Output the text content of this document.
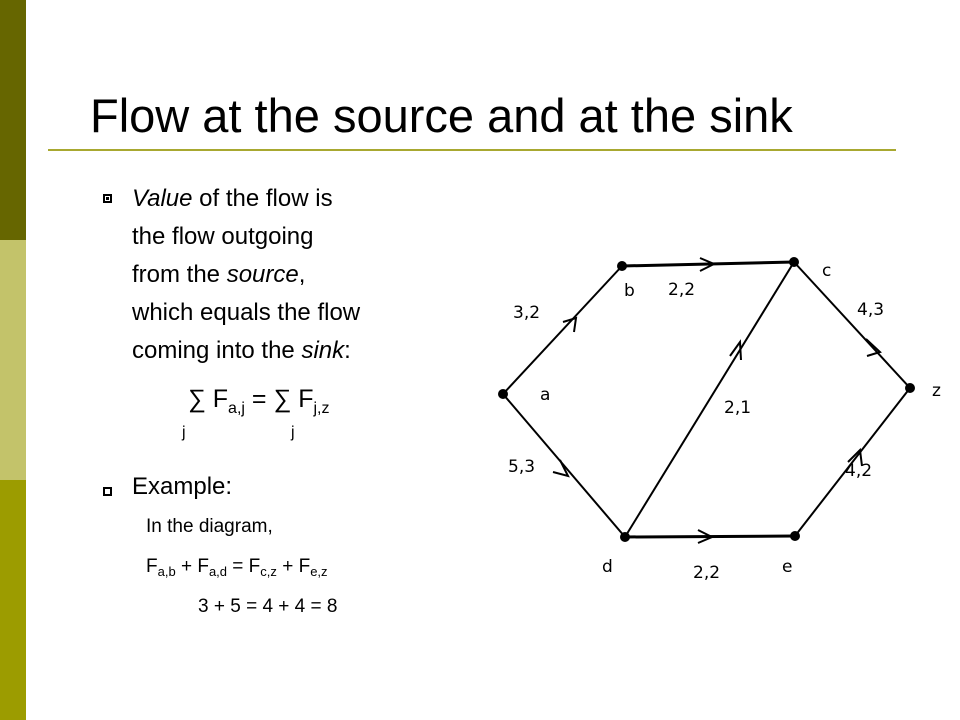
Flow at the source and at the sink
Value of the flow is
the flow outgoing
from the source,
which equals the flow
coming into the sink:
∑ $F_{a,j}$ = ∑ $F_{j,z}$
j	j
Example:
In the diagram,
$F_{a,b} + F_{a,d} = F_{c,z} + F_{e,z}$
3 + 5 = 4 + 4 = 8
a
b
c
d	e
z
3,2
2,2
4,3
5,3
2,1
2,2
4,2
